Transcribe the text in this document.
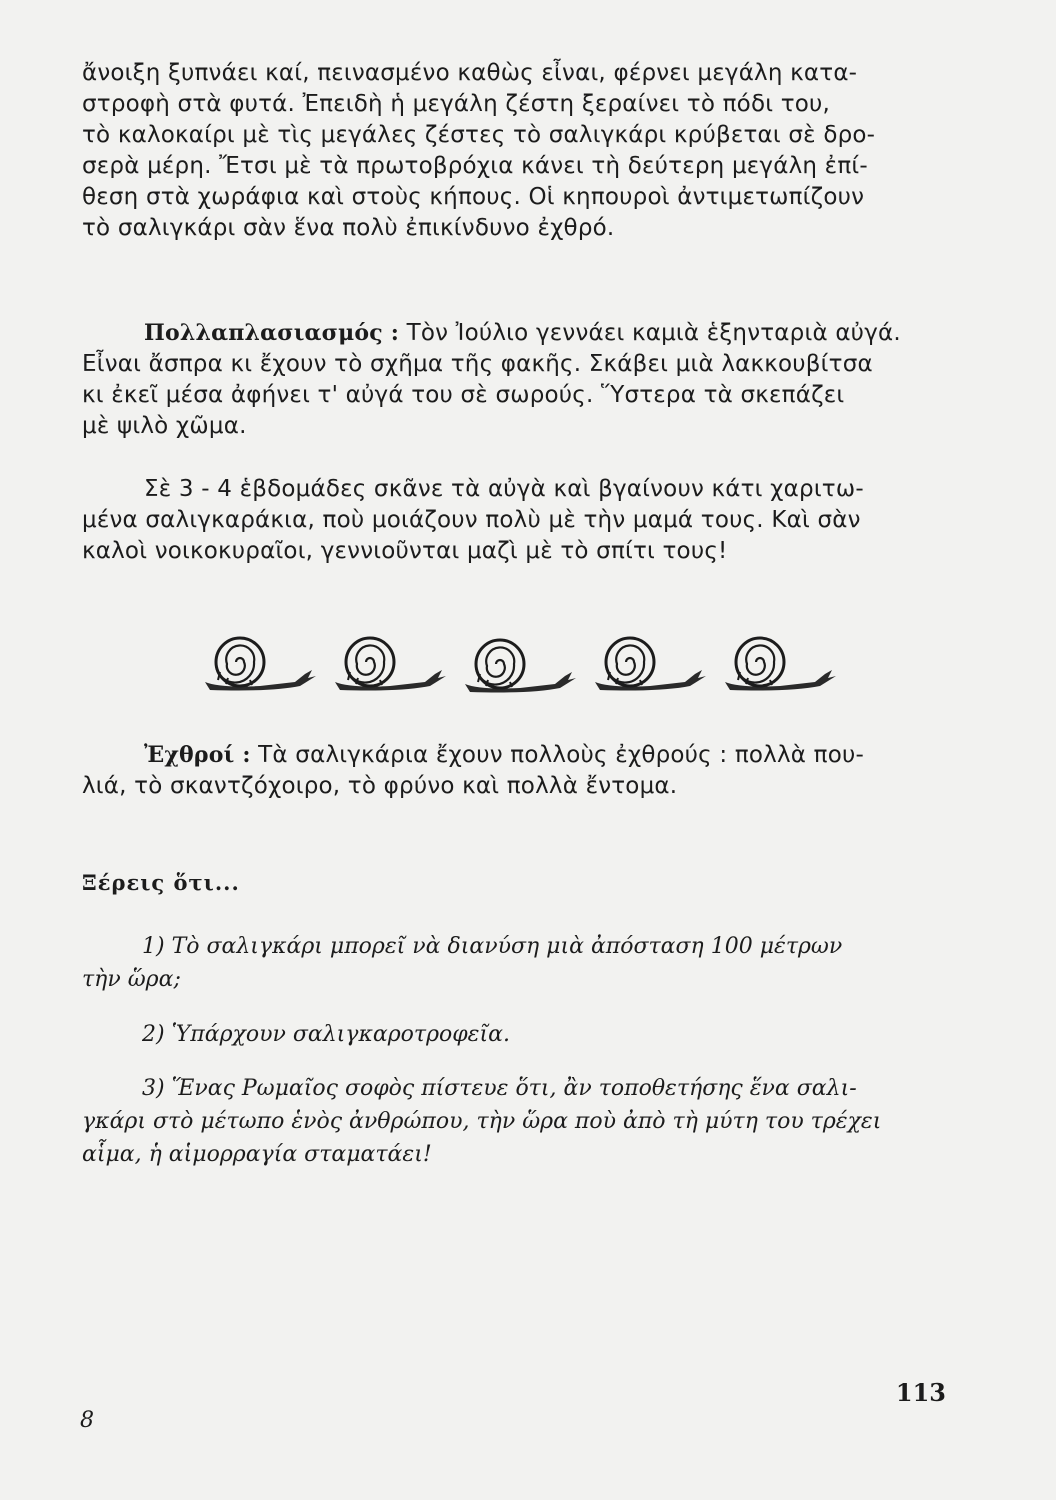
ἄνοιξη ξυπνάει καί, πεινασμένο καθὼς εἶναι, φέρνει μεγάλη κατα-
στροφὴ στὰ φυτά. Ἐπειδὴ ἡ μεγάλη ζέστη ξεραίνει τὸ πόδι του,
τὸ καλοκαίρι μὲ τὶς μεγάλες ζέστες τὸ σαλιγκάρι κρύβεται σὲ δρο-
σερὰ μέρη. Ἔτσι μὲ τὰ πρωτοβρόχια κάνει τὴ δεύτερη μεγάλη ἐπί-
θεση στὰ χωράφια καὶ στοὺς κήπους. Οἱ κηπουροὶ ἀντιμετωπίζουν
τὸ σαλιγκάρι σὰν ἕνα πολὺ ἐπικίνδυνο ἐχθρό.
Πολλαπλασιασμός : Τὸν Ἰούλιο γεννάει καμιὰ ἑξηνταριὰ αὐγά.
Εἶναι ἄσπρα κι ἔχουν τὸ σχῆμα τῆς φακῆς. Σκάβει μιὰ λακκουβίτσα
κι ἐκεῖ μέσα ἀφήνει τ' αὐγά του σὲ σωρούς. Ὕστερα τὰ σκεπάζει
μὲ ψιλὸ χῶμα.
Σὲ 3 - 4 ἑβδομάδες σκᾶνε τὰ αὐγὰ καὶ βγαίνουν κάτι χαριτω-
μένα σαλιγκαράκια, ποὺ μοιάζουν πολὺ μὲ τὴν μαμά τους. Καὶ σὰν
καλοὶ νοικοκυραῖοι, γεννιοῦνται μαζὶ μὲ τὸ σπίτι τους!
Ἐχθροί : Τὰ σαλιγκάρια ἔχουν πολλοὺς ἐχθρούς : πολλὰ που-
λιά, τὸ σκαντζόχοιρο, τὸ φρύνο καὶ πολλὰ ἔντομα.
Ξέρεις ὅτι...
1) Τὸ σαλιγκάρι μπορεῖ νὰ διανύση μιὰ ἀπόσταση 100 μέτρων
τὴν ὥρα;
2) Ὑπάρχουν σαλιγκαροτροφεῖα.
3) Ἕνας Ρωμαῖος σοφὸς πίστευε ὅτι, ἂν τοποθετήσης ἕνα σαλι-
γκάρι στὸ μέτωπο ἑνὸς ἀνθρώπου, τὴν ὥρα ποὺ ἀπὸ τὴ μύτη του τρέχει
αἷμα, ἡ αἱμορραγία σταματάει!
113
8
